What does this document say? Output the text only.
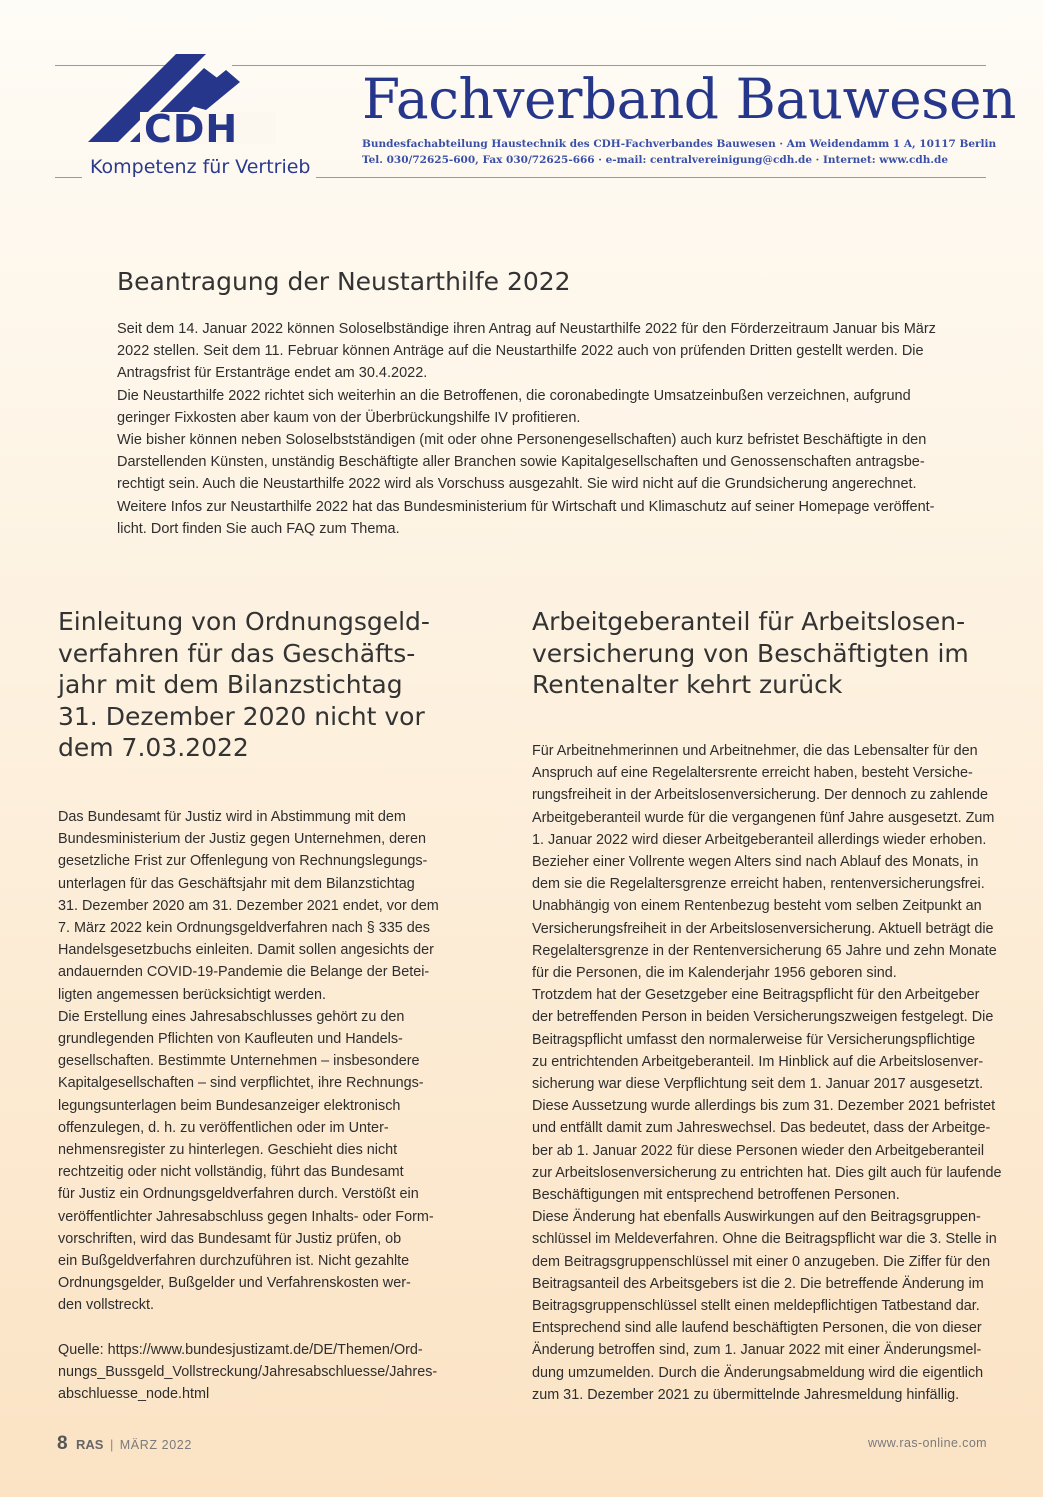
CDH
Kompetenz für Vertrieb
Fachverband Bauwesen
Bundesfachabteilung Haustechnik des CDH-Fachverbandes Bauwesen · Am Weidendamm 1 A, 10117 Berlin
Tel. 030/72625-600, Fax 030/72625-666 · e-mail: centralvereinigung@cdh.de · Internet: www.cdh.de
Beantragung der Neustarthilfe 2022

Seit dem 14. Januar 2022 können Soloselbständige ihren Antrag auf Neustarthilfe 2022 für den Förderzeitraum Januar bis März

2022 stellen. Seit dem 11. Februar können Anträge auf die Neustarthilfe 2022 auch von prüfenden Dritten gestellt werden. Die

Antragsfrist für Erstanträge endet am 30.4.2022.

Die Neustarthilfe 2022 richtet sich weiterhin an die Betroffenen, die coronabedingte Umsatzeinbußen verzeichnen, aufgrund

geringer Fixkosten aber kaum von der Überbrückungshilfe IV profitieren.

Wie bisher können neben Soloselbstständigen (mit oder ohne Personengesellschaften) auch kurz befristet Beschäftigte in den

Darstellenden Künsten, unständig Beschäftigte aller Branchen sowie Kapitalgesellschaften und Genossenschaften antragsbe-

rechtigt sein. Auch die Neustarthilfe 2022 wird als Vorschuss ausgezahlt. Sie wird nicht auf die Grundsicherung angerechnet.

Weitere Infos zur Neustarthilfe 2022 hat das Bundesministerium für Wirtschaft und Klimaschutz auf seiner Homepage veröffent-

licht. Dort finden Sie auch FAQ zum Thema.

Einleitung von Ordnungsgeld-
verfahren für das Geschäfts-
jahr mit dem Bilanzstichtag
31. Dezember 2020 nicht vor
dem 7.03.2022

Das Bundesamt für Justiz wird in Abstimmung mit dem

Bundesministerium der Justiz gegen Unternehmen, deren

gesetzliche Frist zur Offenlegung von Rechnungslegungs-

unterlagen für das Geschäftsjahr mit dem Bilanzstichtag

31. Dezember 2020 am 31. Dezember 2021 endet, vor dem

7. März 2022 kein Ordnungsgeldverfahren nach § 335 des

Handelsgesetzbuchs einleiten. Damit sollen angesichts der

andauernden COVID-19-Pandemie die Belange der Betei-

ligten angemessen berücksichtigt werden.

Die Erstellung eines Jahresabschlusses gehört zu den

grundlegenden Pflichten von Kaufleuten und Handels-

gesellschaften. Bestimmte Unternehmen – insbesondere

Kapitalgesellschaften – sind verpflichtet, ihre Rechnungs-

legungsunterlagen beim Bundesanzeiger elektronisch

offenzulegen, d. h. zu veröffentlichen oder im Unter-

nehmensregister zu hinterlegen. Geschieht dies nicht

rechtzeitig oder nicht vollständig, führt das Bundesamt

für Justiz ein Ordnungsgeldverfahren durch. Verstößt ein

veröffentlichter Jahresabschluss gegen Inhalts- oder Form-

vorschriften, wird das Bundesamt für Justiz prüfen, ob

ein Bußgeldverfahren durchzuführen ist. Nicht gezahlte

Ordnungsgelder, Bußgelder und Verfahrenskosten wer-

den vollstreckt.

Quelle: https://www.bundesjustizamt.de/DE/Themen/Ord-

nungs_Bussgeld_Vollstreckung/Jahresabschluesse/Jahres-

abschluesse_node.html

Arbeitgeberanteil für Arbeitslosen-
versicherung von Beschäftigten im
Rentenalter kehrt zurück

Für Arbeitnehmerinnen und Arbeitnehmer, die das Lebensalter für den

Anspruch auf eine Regelaltersrente erreicht haben, besteht Versiche-

rungsfreiheit in der Arbeitslosenversicherung. Der dennoch zu zahlende

Arbeitgeberanteil wurde für die vergangenen fünf Jahre ausgesetzt. Zum

1. Januar 2022 wird dieser Arbeitgeberanteil allerdings wieder erhoben.

Bezieher einer Vollrente wegen Alters sind nach Ablauf des Monats, in

dem sie die Regelaltersgrenze erreicht haben, rentenversicherungsfrei.

Unabhängig von einem Rentenbezug besteht vom selben Zeitpunkt an

Versicherungsfreiheit in der Arbeitslosenversicherung. Aktuell beträgt die

Regelaltersgrenze in der Rentenversicherung 65 Jahre und zehn Monate

für die Personen, die im Kalenderjahr 1956 geboren sind.

Trotzdem hat der Gesetzgeber eine Beitragspflicht für den Arbeitgeber

der betreffenden Person in beiden Versicherungszweigen festgelegt. Die

Beitragspflicht umfasst den normalerweise für Versicherungspflichtige

zu entrichtenden Arbeitgeberanteil. Im Hinblick auf die Arbeitslosenver-

sicherung war diese Verpflichtung seit dem 1. Januar 2017 ausgesetzt.

Diese Aussetzung wurde allerdings bis zum 31. Dezember 2021 befristet

und entfällt damit zum Jahreswechsel. Das bedeutet, dass der Arbeitge-

ber ab 1. Januar 2022 für diese Personen wieder den Arbeitgeberanteil

zur Arbeitslosenversicherung zu entrichten hat. Dies gilt auch für laufende

Beschäftigungen mit entsprechend betroffenen Personen.

Diese Änderung hat ebenfalls Auswirkungen auf den Beitragsgruppen-

schlüssel im Meldeverfahren. Ohne die Beitragspflicht war die 3. Stelle in

dem Beitragsgruppenschlüssel mit einer 0 anzugeben. Die Ziffer für den

Beitragsanteil des Arbeitsgebers ist die 2. Die betreffende Änderung im

Beitragsgruppenschlüssel stellt einen meldepflichtigen Tatbestand dar.

Entsprechend sind alle laufend beschäftigten Personen, die von dieser

Änderung betroffen sind, zum 1. Januar 2022 mit einer Änderungsmel-

dung umzumelden. Durch die Änderungsabmeldung wird die eigentlich

zum 31. Dezember 2021 zu übermittelnde Jahresmeldung hinfällig.

8 RAS | MÄRZ 2022	www.ras-online.com
